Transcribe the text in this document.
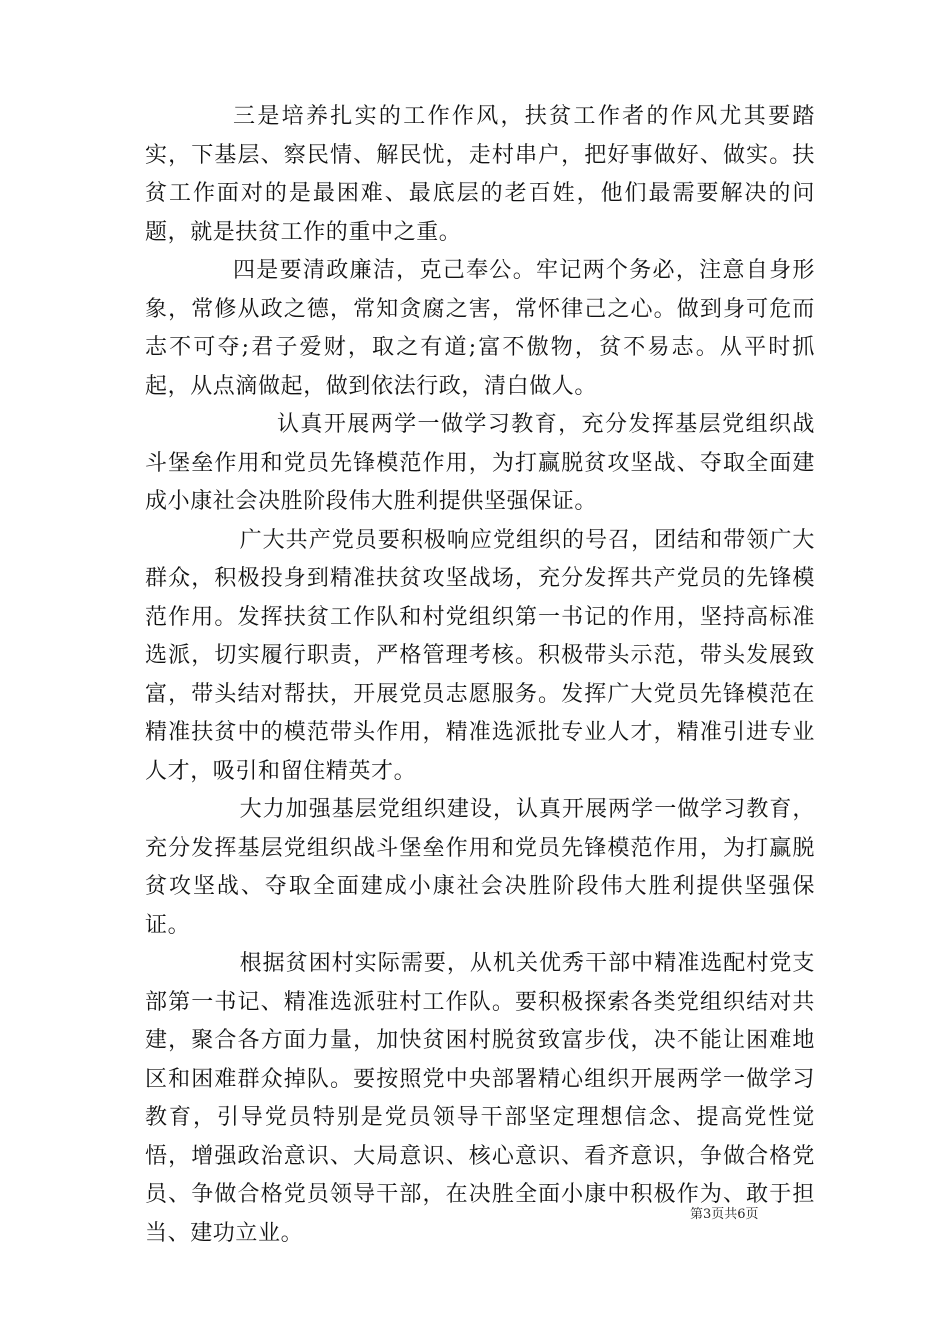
三是培养扎实的工作作风，扶贫工作者的作风尤其要踏实，下基层、察民情、解民忧，走村串户，把好事做好、做实。扶贫工作面对的是最困难、最底层的老百姓，他们最需要解决的问题，就是扶贫工作的重中之重。

四是要清政廉洁，克己奉公。牢记两个务必，注意自身形象，常修从政之德，常知贪腐之害，常怀律己之心。做到身可危而志不可夺;君子爱财，取之有道;富不傲物，贫不易志。从平时抓起，从点滴做起，做到依法行政，清白做人。

认真开展两学一做学习教育，充分发挥基层党组织战斗堡垒作用和党员先锋模范作用，为打赢脱贫攻坚战、夺取全面建成小康社会决胜阶段伟大胜利提供坚强保证。

广大共产党员要积极响应党组织的号召，团结和带领广大群众，积极投身到精准扶贫攻坚战场，充分发挥共产党员的先锋模范作用。发挥扶贫工作队和村党组织第一书记的作用，坚持高标准选派，切实履行职责，严格管理考核。积极带头示范，带头发展致富，带头结对帮扶，开展党员志愿服务。发挥广大党员先锋模范在精准扶贫中的模范带头作用，精准选派批专业人才，精准引进专业人才，吸引和留住精英才。

大力加强基层党组织建设，认真开展两学一做学习教育，充分发挥基层党组织战斗堡垒作用和党员先锋模范作用，为打赢脱贫攻坚战、夺取全面建成小康社会决胜阶段伟大胜利提供坚强保证。

根据贫困村实际需要，从机关优秀干部中精准选配村党支部第一书记、精准选派驻村工作队。要积极探索各类党组织结对共建，聚合各方面力量，加快贫困村脱贫致富步伐，决不能让困难地区和困难群众掉队。要按照党中央部署精心组织开展两学一做学习教育，引导党员特别是党员领导干部坚定理想信念、提高党性觉悟，增强政治意识、大局意识、核心意识、看齐意识，争做合格党员、争做合格党员领导干部，在决胜全面小康中积极作为、敢于担当、建功立业。

第3页共6页
